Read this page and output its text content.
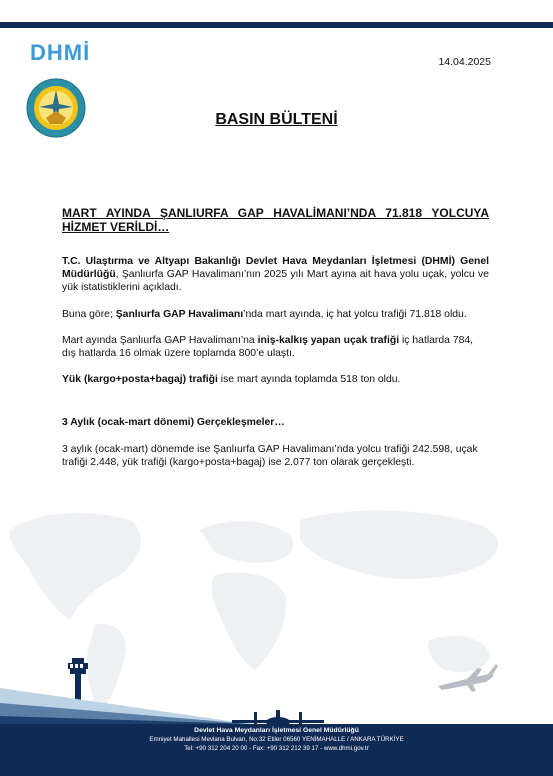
DHMİ	14.04.2025
BASIN BÜLTENİ
MART AYINDA ŞANLIURFA GAP HAVALİMANI’NDA 71.818 YOLCUYA HİZMET VERİLDİ…

T.C. Ulaştırma ve Altyapı Bakanlığı Devlet Hava Meydanları İşletmesi (DHMİ) Genel Müdürlüğü, Şanlıurfa GAP Havalimanı’nın 2025 yılı Mart ayına ait hava yolu uçak, yolcu ve yük istatistiklerini açıkladı.

Buna göre; Şanlıurfa GAP Havalimanı’nda mart ayında, iç hat yolcu trafiği 71.818 oldu.

Mart ayında Şanlıurfa GAP Havalimanı’na iniş-kalkış yapan uçak trafiği iç hatlarda 784, dış hatlarda 16 olmak üzere toplamda 800’e ulaştı.

Yük (kargo+posta+bagaj) trafiği ise mart ayında toplamda 518 ton oldu.

3 Aylık (ocak-mart dönemi) Gerçekleşmeler…

3 aylık (ocak-mart) dönemde ise Şanlıurfa GAP Havalimanı’nda yolcu trafiği 242.598, uçak trafiği 2.448, yük trafiği (kargo+posta+bagaj) ise 2.077 ton olarak gerçekleşti.

Devlet Hava Meydanları İşletmesi Genel Müdürlüğü
Emniyet Mahallesi Mevlana Bulvarı, No:32 Etiler 06560 YENİMAHALLE / ANKARA TÜRKİYE
Tel: +90 312 204 20 00 - Fax: +90 312 212 39 17 - www.dhmi.gov.tr
